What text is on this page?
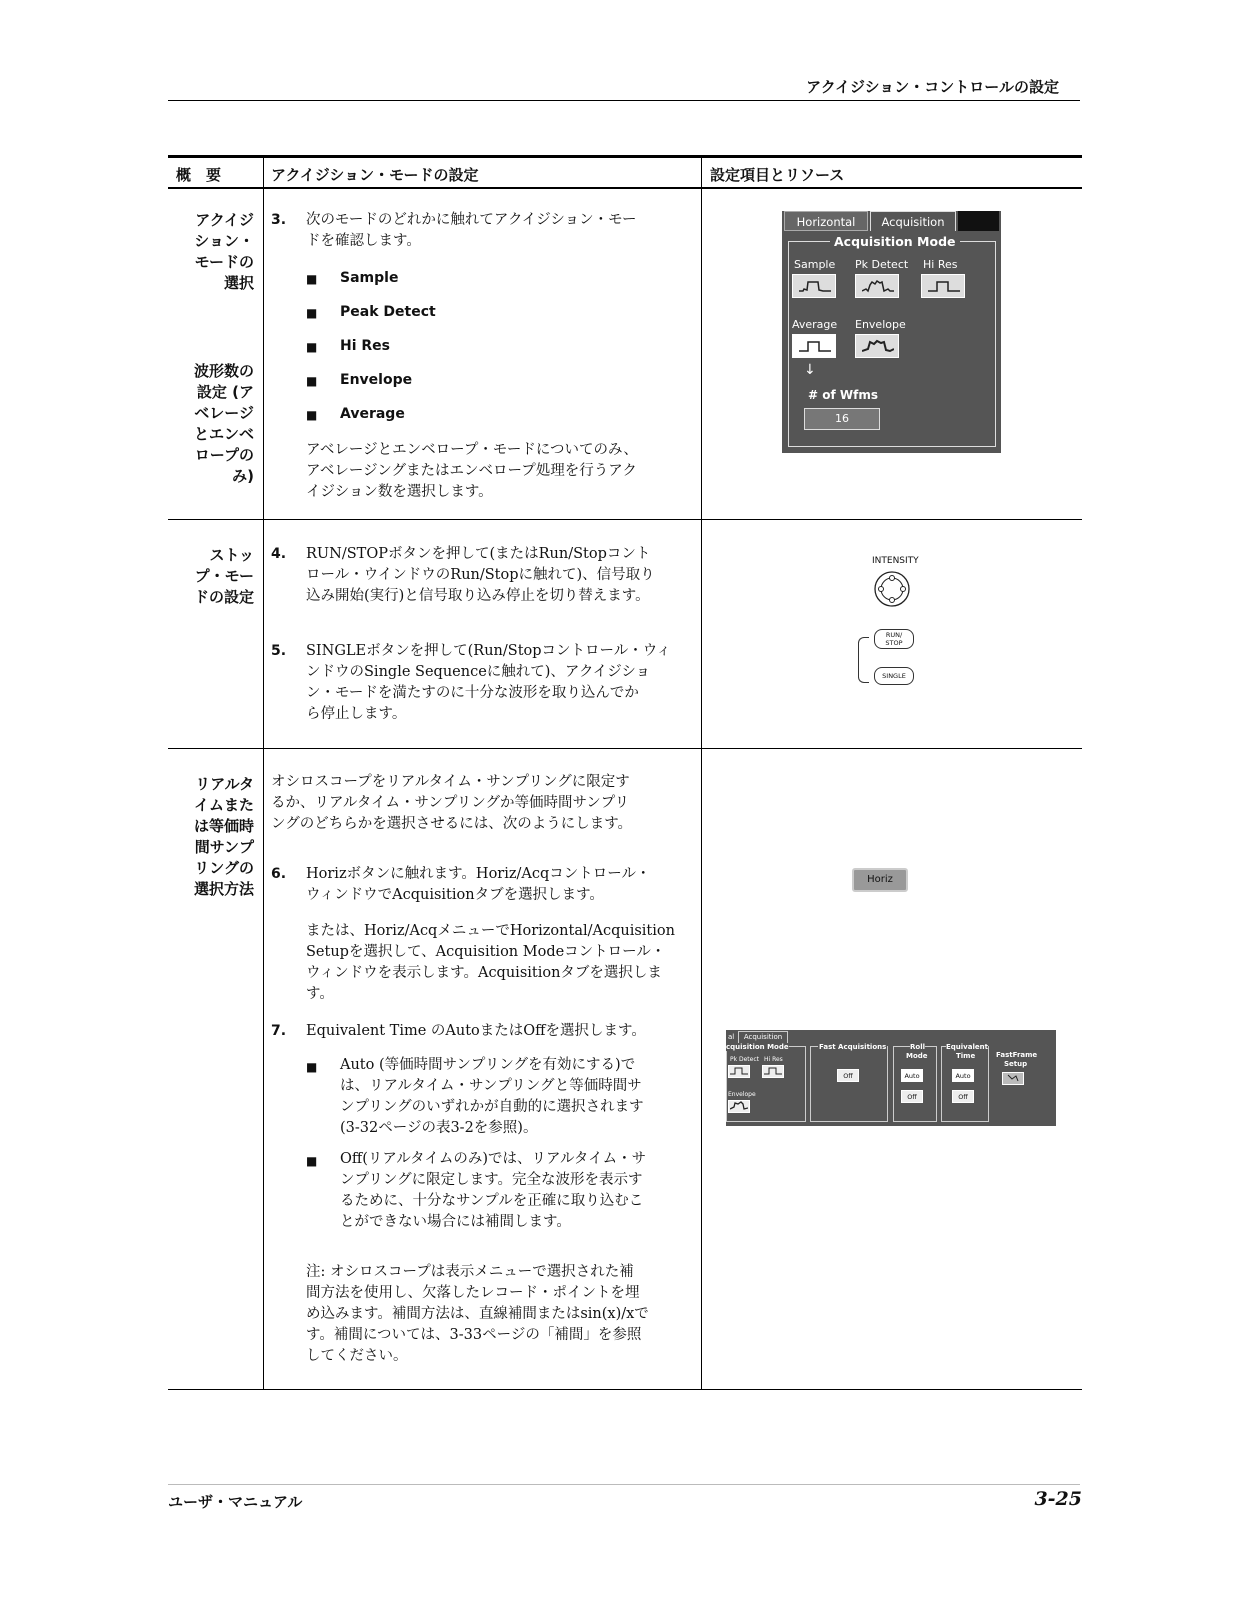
アクイジション・コントロールの設定
概　要	アクイジション・モードの設定	設定項目とリソース
アクイジ
ション・
モードの
選択
波形数の
設定 (ア
ベレージ
とエンベ
ロープの
み)
3. 次のモードのどれかに触れてアクイジション・モー
ドを確認します。
■ Sample
■ Peak Detect
■ Hi Res
■ Envelope
■ Average
アベレージとエンベロープ・モードについてのみ、
アベレージングまたはエンベロープ処理を行うアク
イジション数を選択します。
Horizontal	Acquisition
Acquisition Mode
Sample Pk Detect Hi Res
Average Envelope
↓
# of Wfms
16
ストッ
プ・モー
ドの設定
4. RUN/STOPボタンを押して(またはRun/Stopコント
ロール・ウインドウのRun/Stopに触れて)、信号取り
込み開始(実行)と信号取り込み停止を切り替えます。
5. SINGLEボタンを押して(Run/Stopコントロール・ウィ
ンドウのSingle Sequenceに触れて)、アクイジショ
ン・モードを満たすのに十分な波形を取り込んでか
ら停止します。
INTENSITY
RUN/
STOP
SINGLE
リアルタ
イムまた
は等価時
間サンプ
リングの
選択方法
オシロスコープをリアルタイム・サンプリングに限定す
るか、リアルタイム・サンプリングか等価時間サンプリ
ングのどちらかを選択させるには、次のようにします。
6. Horizボタンに触れます。Horiz/Acqコントロール・
ウィンドウでAcquisitionタブを選択します。
または、Horiz/AcqメニューでHorizontal/Acquisition
Setupを選択して、Acquisition Modeコントロール・
ウィンドウを表示します。Acquisitionタブを選択しま
す。
7. Equivalent Time のAutoまたはOffを選択します。
■ Auto (等価時間サンプリングを有効にする)で
は、リアルタイム・サンプリングと等価時間サ
ンプリングのいずれかが自動的に選択されます
(3-32ページの表3-2を参照)。
■ Off(リアルタイムのみ)では、リアルタイム・サ
ンプリングに限定します。完全な波形を表示す
るために、十分なサンプルを正確に取り込むこ
とができない場合には補間します。
注: オシロスコープは表示メニューで選択された補
間方法を使用し、欠落したレコード・ポイントを埋
め込みます。補間方法は、直線補間またはsin(x)/xで
す。補間については、3-33ページの「補間」を参照
してください。
Horiz
al	Acquisition
cquisition Mode
Pk Detect Hi Res
Envelope
Fast Acquisitions
Off
Roll
Mode
Auto
Off
Equivalent
Time
Auto
Off
FastFrame
Setup
ユーザ・マニュアル	3-25
